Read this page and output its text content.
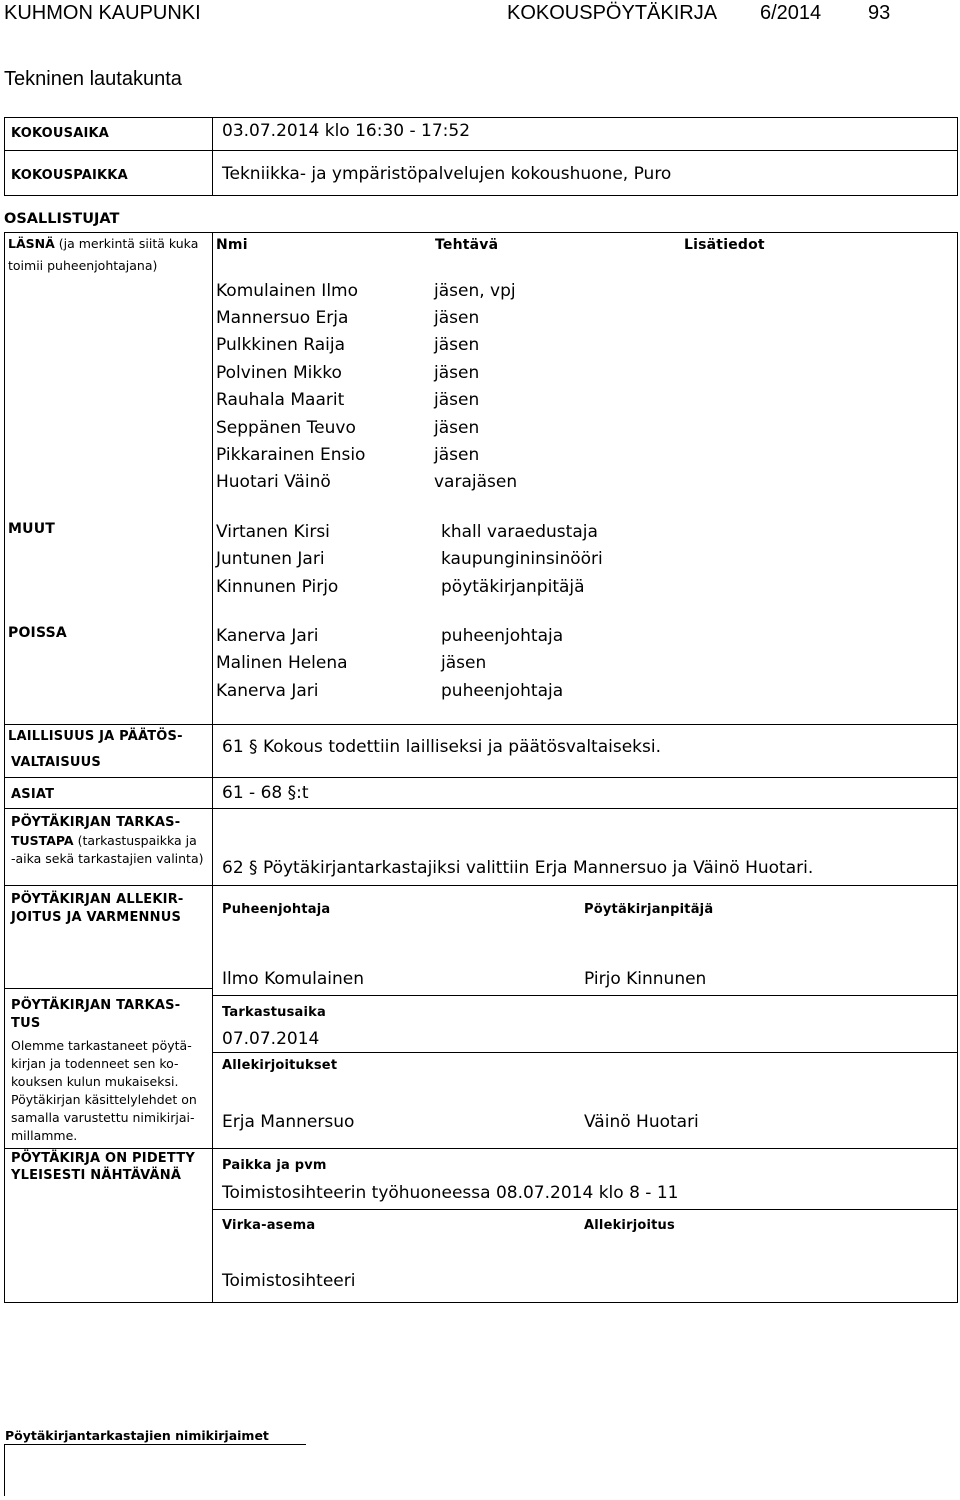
KUHMON KAUPUNKI	KOKOUSPÖYTÄKIRJA 6/2014 93
Tekninen lautakunta
KOKOUSAIKA	03.07.2014 klo 16:30 - 17:52
KOKOUSPAIKKA	Tekniikka- ja ympäristöpalvelujen kokoushuone, Puro
OSALLISTUJAT
LÄSNÄ (ja merkintä siitä kuka
toimii puheenjohtajana)
Nmi	Tehtävä	Lisätiedot
Komulainen Ilmo	jäsen, vpj
Mannersuo Erja	jäsen
Pulkkinen Raija	jäsen
Polvinen Mikko	jäsen
Rauhala Maarit	jäsen
Seppänen Teuvo	jäsen
Pikkarainen Ensio	jäsen
Huotari Väinö	varajäsen
MUUT	Virtanen Kirsi	khall varaedustaja
Juntunen Jari	kaupungininsinööri
Kinnunen Pirjo	pöytäkirjanpitäjä
POISSA	Kanerva Jari	puheenjohtaja
Malinen Helena	jäsen
Kanerva Jari	puheenjohtaja
LAILLISUUS JA PÄÄTÖS-
VALTAISUUS
61 § Kokous todettiin lailliseksi ja päätösvaltaiseksi.
ASIAT	61 - 68 §:t
PÖYTÄKIRJAN TARKAS-
TUSTAPA (tarkastuspaikka ja
-aika sekä tarkastajien valinta) 62 § Pöytäkirjantarkastajiksi valittiin Erja Mannersuo ja Väinö Huotari.
PÖYTÄKIRJAN ALLEKIR-
JOITUS JA VARMENNUS
Puheenjohtaja	Pöytäkirjanpitäjä
Ilmo Komulainen	Pirjo Kinnunen
PÖYTÄKIRJAN TARKAS-
TUS
Olemme tarkastaneet pöytä-
kirjan ja todenneet sen ko-
kouksen kulun mukaiseksi.
Pöytäkirjan käsittelylehdet on
samalla varustettu nimikirjai-
millamme.
Tarkastusaika
07.07.2014
Allekirjoitukset
Erja Mannersuo	Väinö Huotari
PÖYTÄKIRJA ON PIDETTY
YLEISESTI NÄHTÄVÄNÄ
Paikka ja pvm
Toimistosihteerin työhuoneessa 08.07.2014 klo 8 - 11
Virka-asema	Allekirjoitus
Toimistosihteeri
Pöytäkirjantarkastajien nimikirjaimet
